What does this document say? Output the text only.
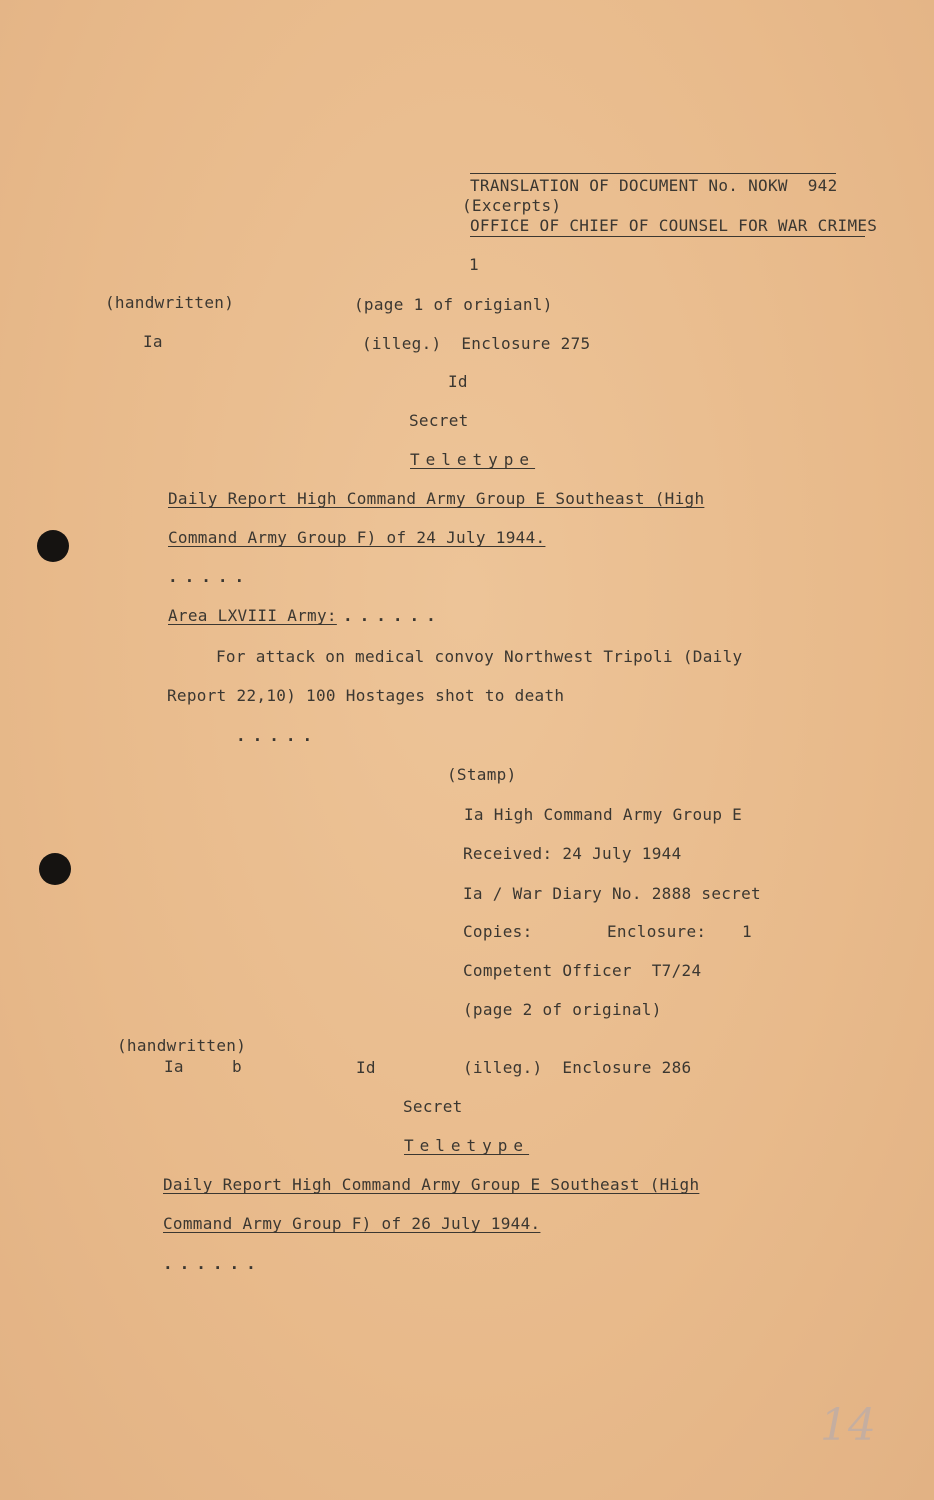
TRANSLATION OF DOCUMENT No. NOKW  942
(Excerpts)
OFFICE OF CHIEF OF COUNSEL FOR WAR CRIMES
1
(handwritten)	(page 1 of origianl)
Ia	(illeg.)  Enclosure 275
Id
Secret
Teletype
Daily Report High Command Army Group E Southeast (High
Command Army Group F) of 24 July 1944.
.....
Area LXVIII Army: ......
For attack on medical convoy Northwest Tripoli (Daily
Report 22,10) 100 Hostages shot to death
.....
(Stamp)
Ia High Command Army Group E
Received: 24 July 1944
Ia / War Diary No. 2888 secret
Copies:	Enclosure: 1
Competent Officer  T7/24
(page 2 of original)
(handwritten)
Ia	b	Id	(illeg.)  Enclosure 286
Secret
Teletype
Daily Report High Command Army Group E Southeast (High
Command Army Group F) of 26 July 1944.
......
14
